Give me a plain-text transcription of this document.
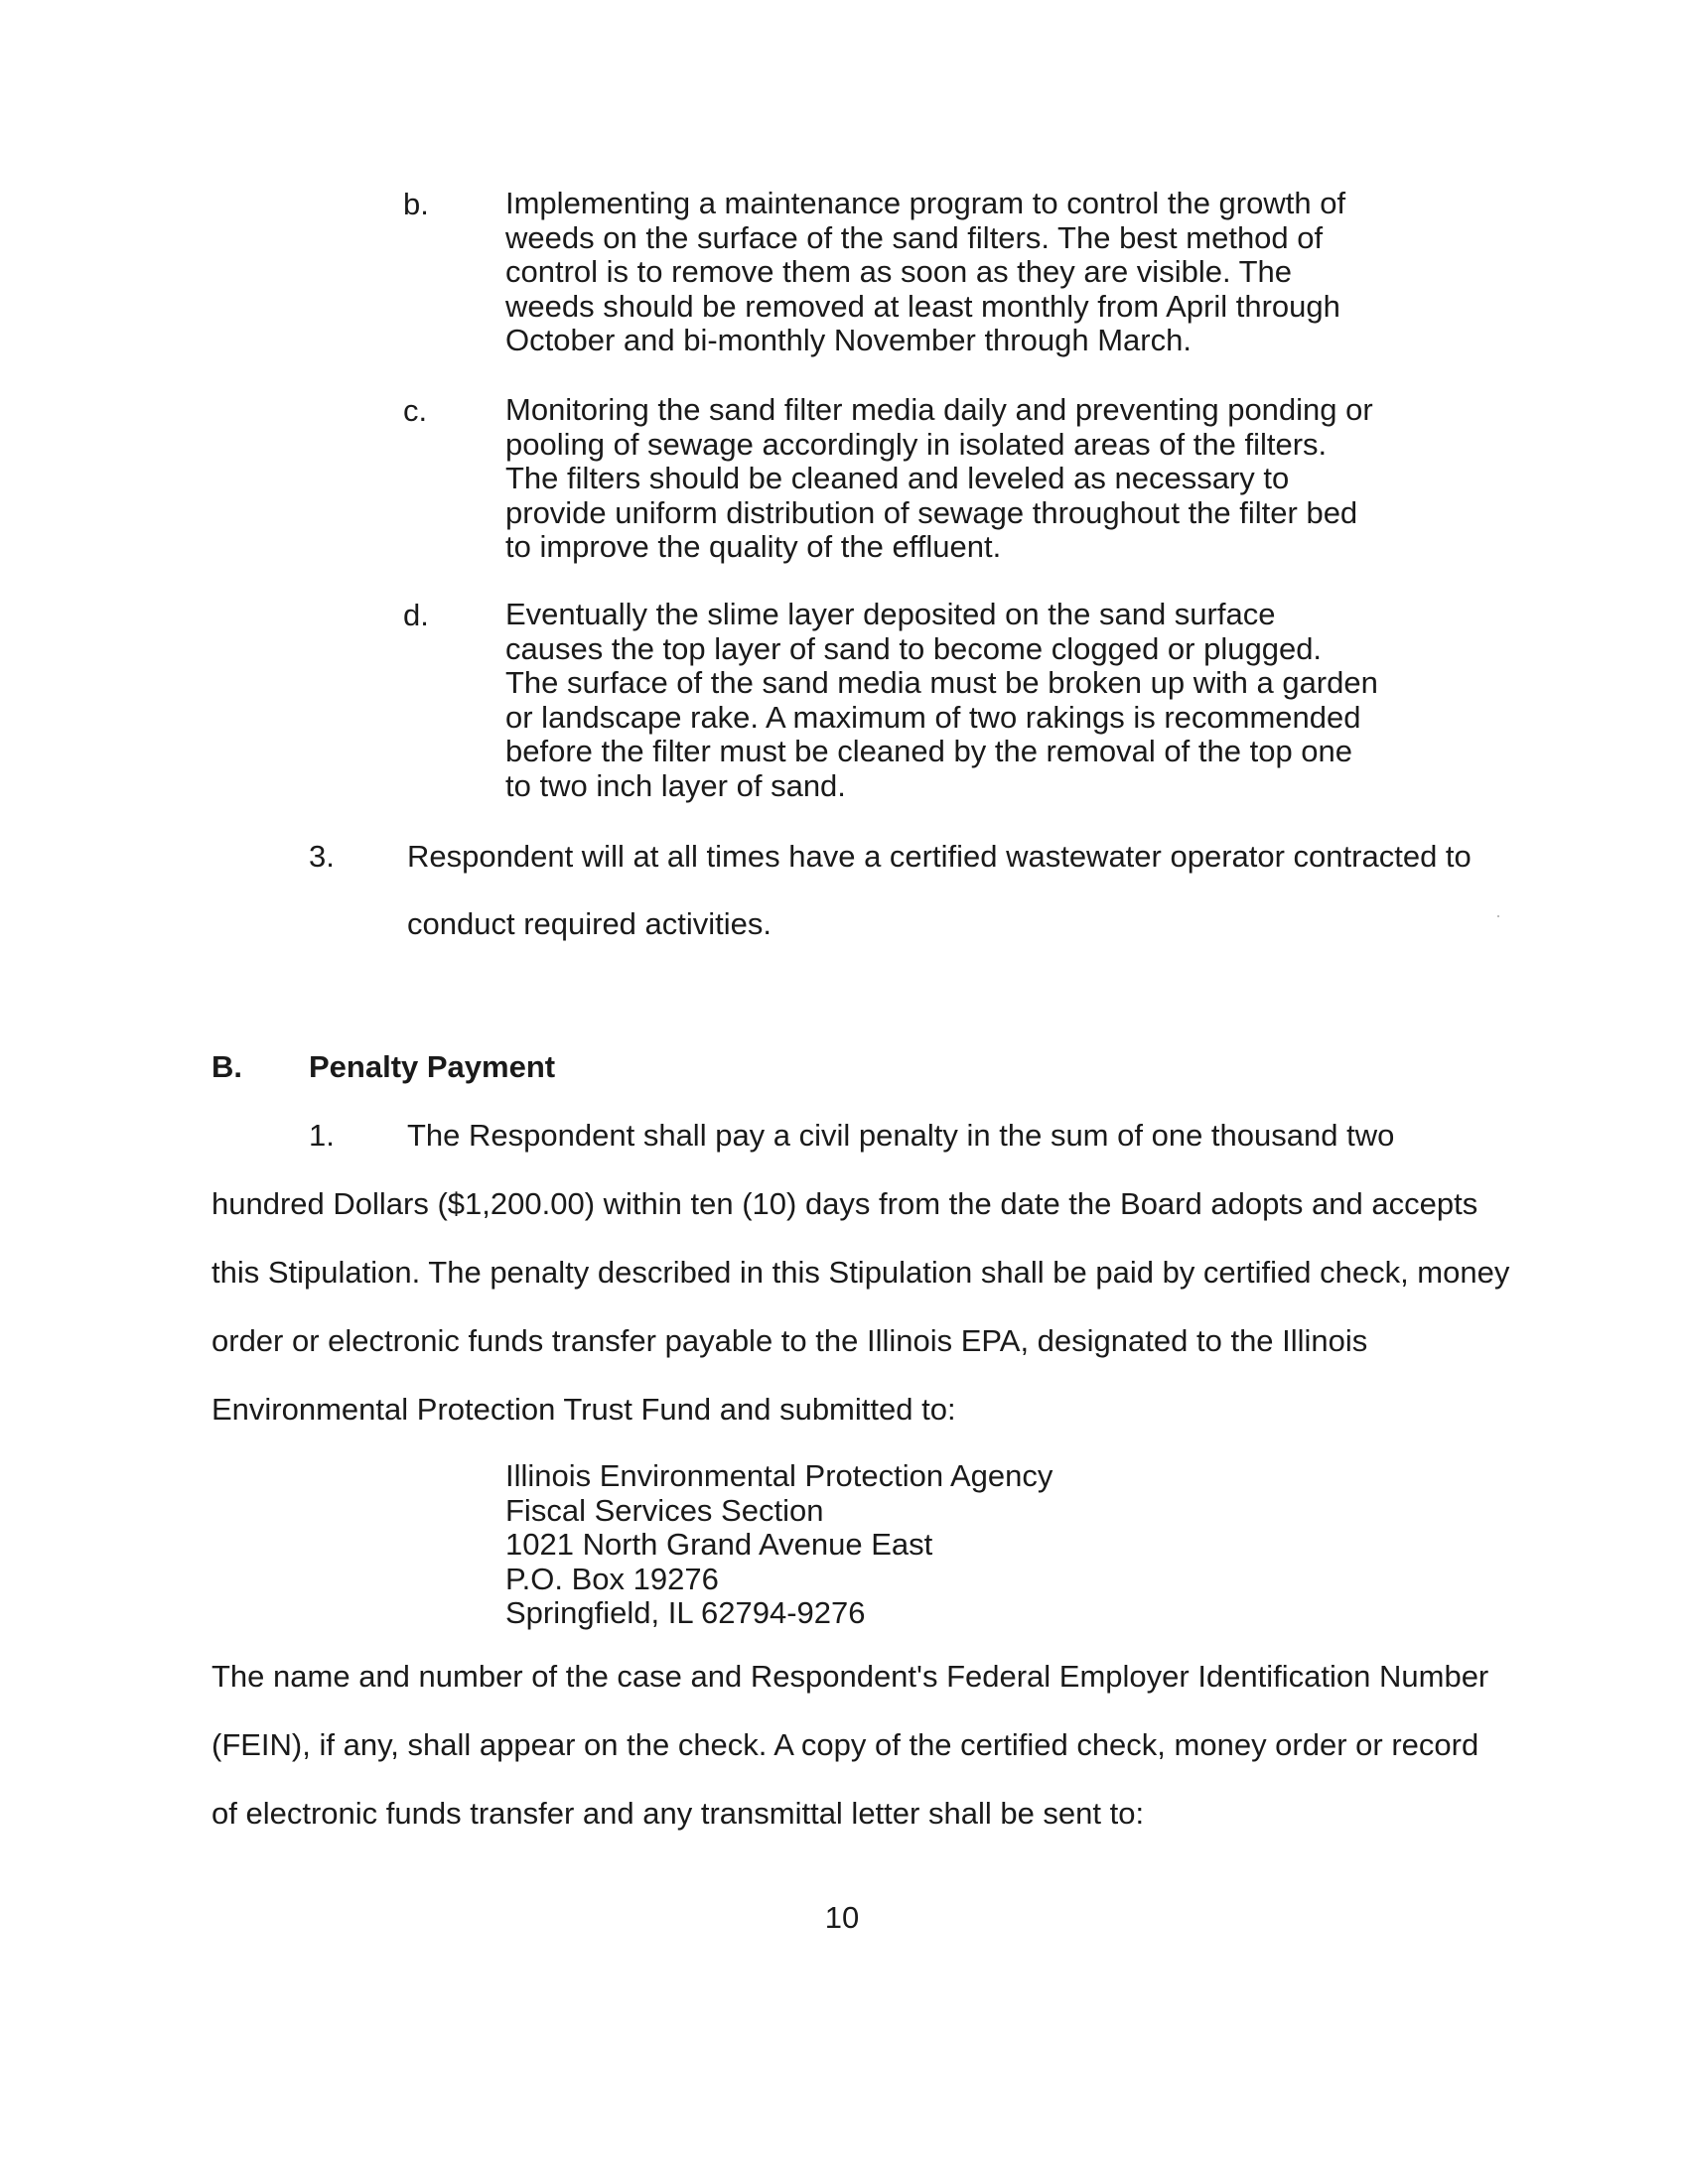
b.	Implementing a maintenance program to control the growth of weeds on the surface of the sand filters. The best method of control is to remove them as soon as they are visible. The weeds should be removed at least monthly from April through October and bi-monthly November through March.
c.	Monitoring the sand filter media daily and preventing ponding or pooling of sewage accordingly in isolated areas of the filters. The filters should be cleaned and leveled as necessary to provide uniform distribution of sewage throughout the filter bed to improve the quality of the effluent.
d.	Eventually the slime layer deposited on the sand surface causes the top layer of sand to become clogged or plugged. The surface of the sand media must be broken up with a garden or landscape rake. A maximum of two rakings is recommended before the filter must be cleaned by the removal of the top one to two inch layer of sand.
3. Respondent will at all times have a certified wastewater operator contracted to
conduct required activities.
B. Penalty Payment
1. The Respondent shall pay a civil penalty in the sum of one thousand two
hundred Dollars ($1,200.00) within ten (10) days from the date the Board adopts and accepts
this Stipulation. The penalty described in this Stipulation shall be paid by certified check, money
order or electronic funds transfer payable to the Illinois EPA, designated to the Illinois
Environmental Protection Trust Fund and submitted to:
Illinois Environmental Protection Agency
Fiscal Services Section
1021 North Grand Avenue East
P.O. Box 19276
Springfield, IL 62794-9276
The name and number of the case and Respondent's Federal Employer Identification Number
(FEIN), if any, shall appear on the check. A copy of the certified check, money order or record
of electronic funds transfer and any transmittal letter shall be sent to:
10
